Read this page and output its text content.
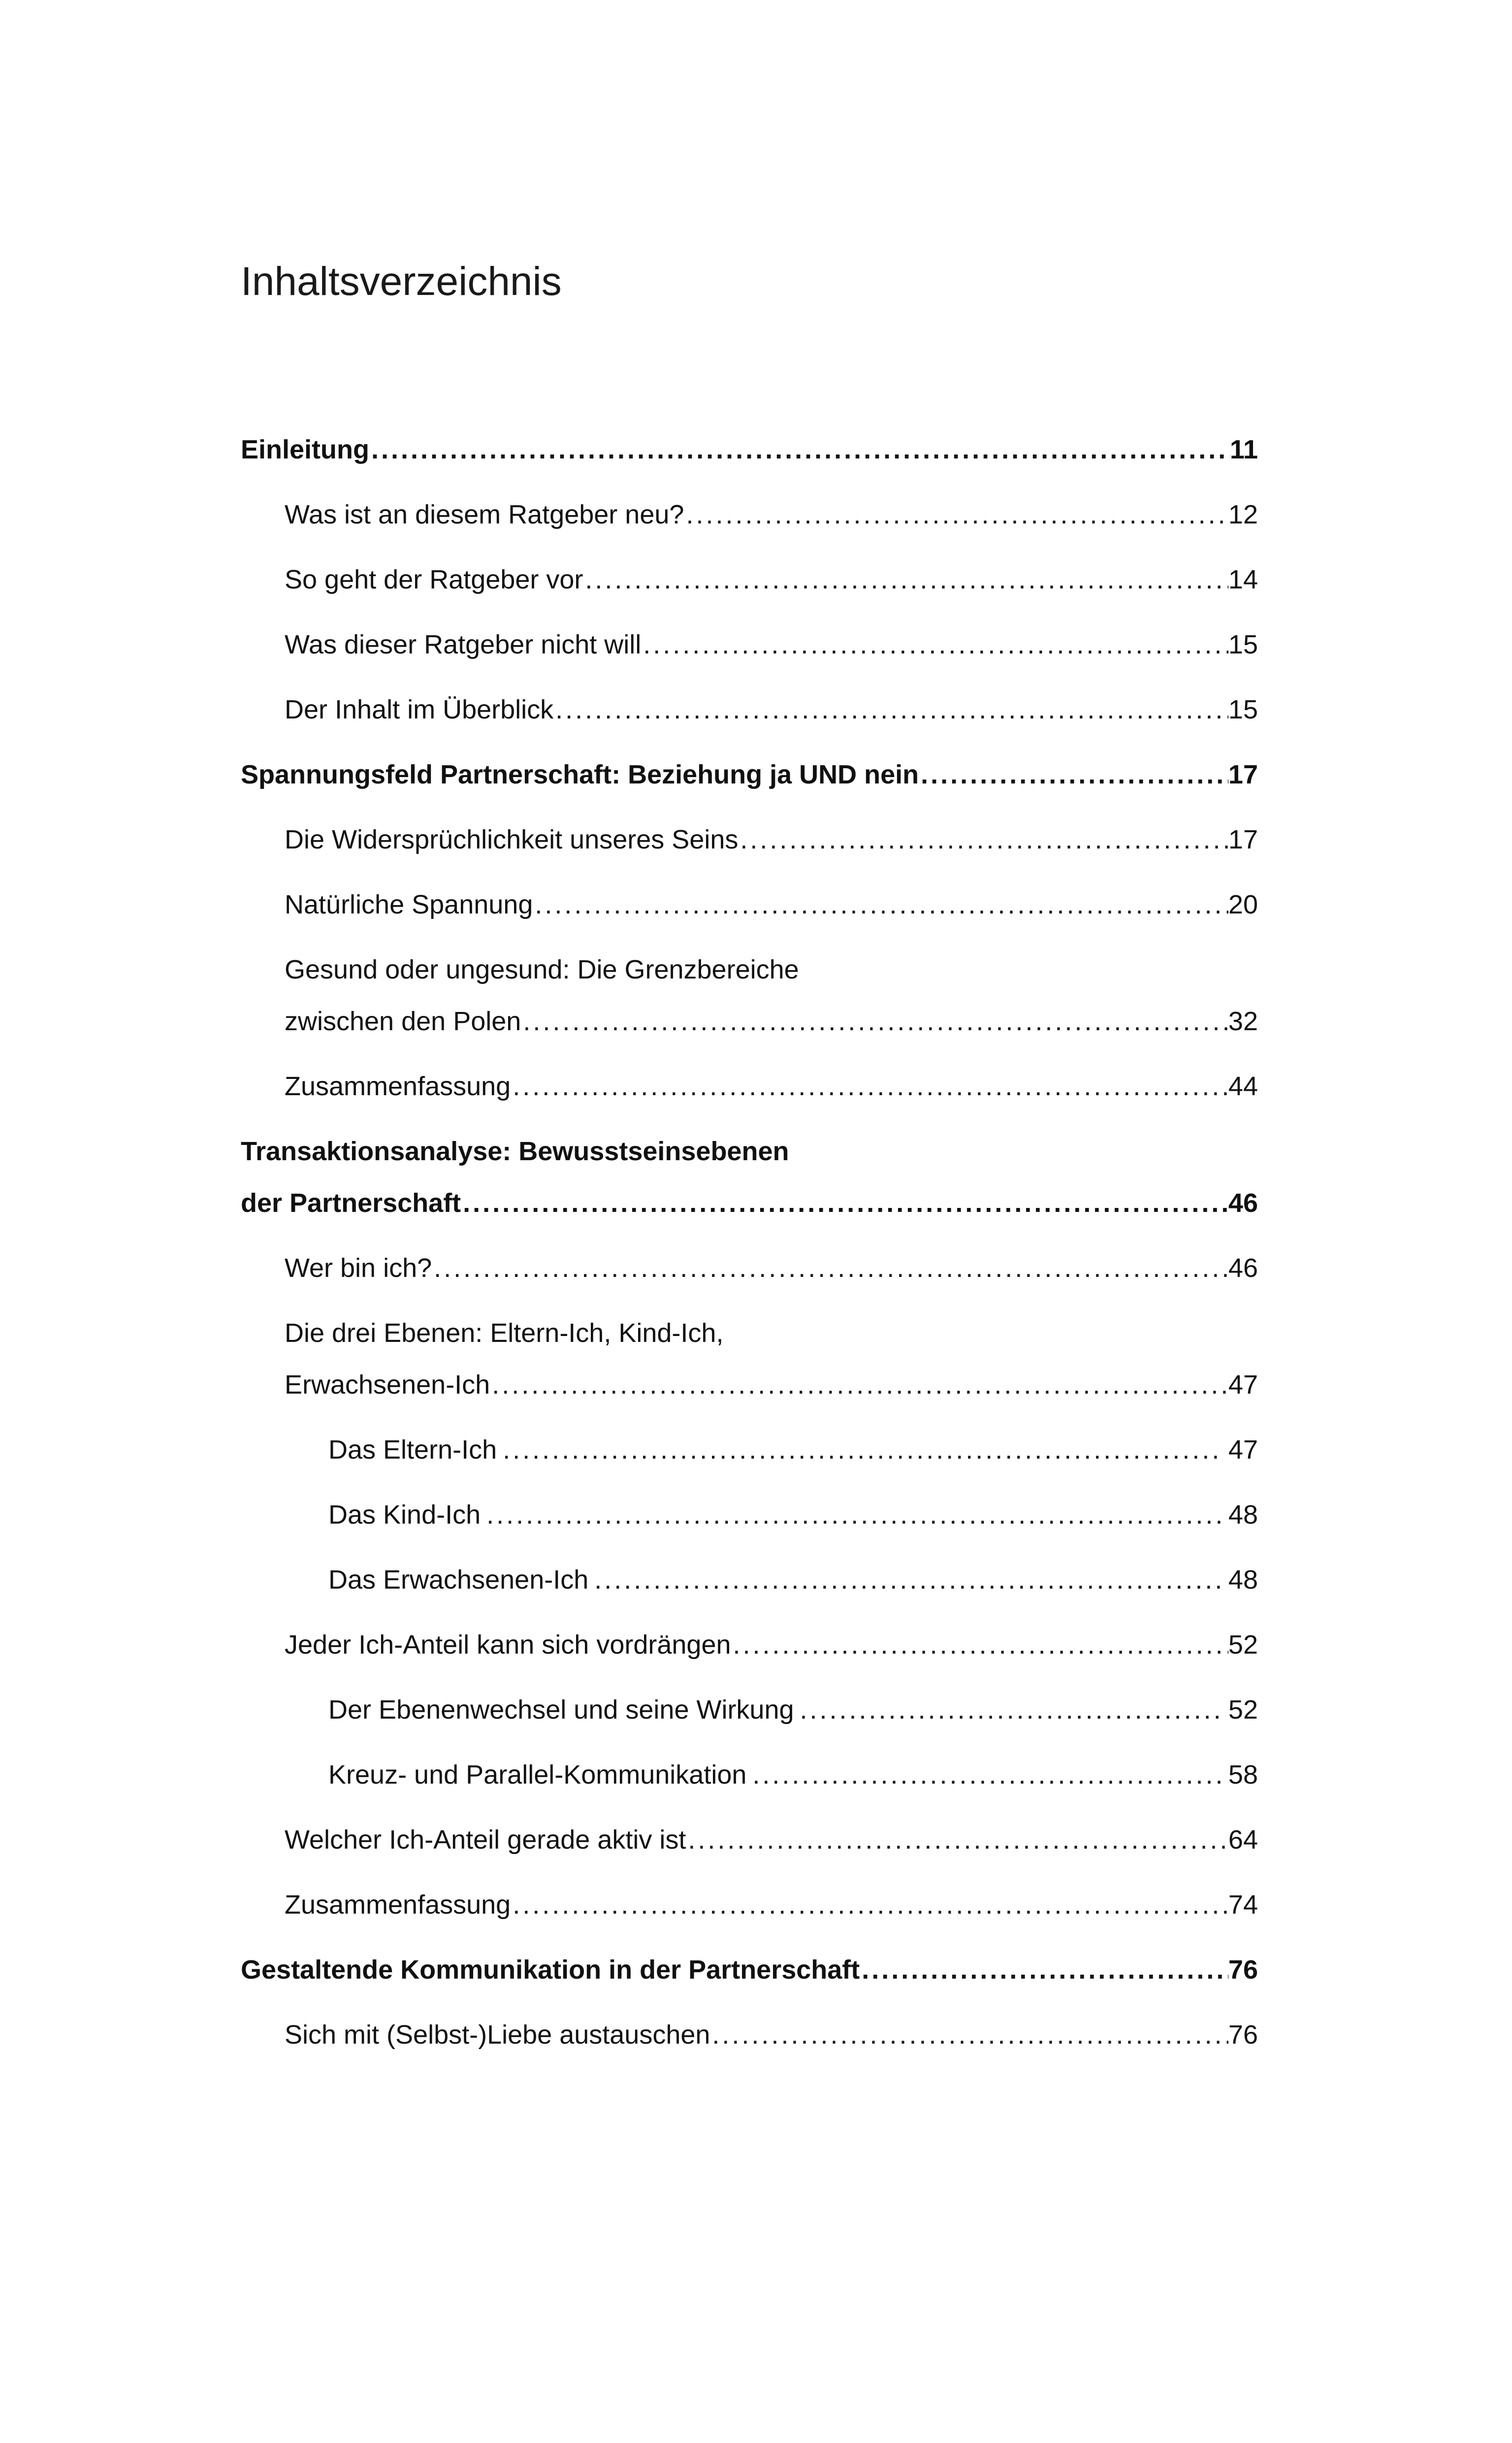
Inhaltsverzeichnis
Einleitung .....	11
Was ist an diesem Ratgeber neu? .....	12
So geht der Ratgeber vor .....	14
Was dieser Ratgeber nicht will .....	15
Der Inhalt im Überblick .....	15
Spannungsfeld Partnerschaft: Beziehung ja UND nein .....	17
Die Widersprüchlichkeit unseres Seins .....	17
Natürliche Spannung .....	20
Gesund oder ungesund: Die Grenzbereiche
zwischen den Polen .....	32
Zusammenfassung .....	44
Transaktionsanalyse: Bewusstseinsebenen
der Partnerschaft .....	46
Wer bin ich? .....	46
Die drei Ebenen: Eltern-Ich, Kind-Ich,
Erwachsenen-Ich .....	47
Das Eltern-Ich .....	47
Das Kind-Ich .....	48
Das Erwachsenen-Ich .....	48
Jeder Ich-Anteil kann sich vordrängen .....	52
Der Ebenenwechsel und seine Wirkung .....	52
Kreuz- und Parallel-Kommunikation .....	58
Welcher Ich-Anteil gerade aktiv ist .....	64
Zusammenfassung .....	74
Gestaltende Kommunikation in der Partnerschaft .....	76
Sich mit (Selbst-)Liebe austauschen .....	76
